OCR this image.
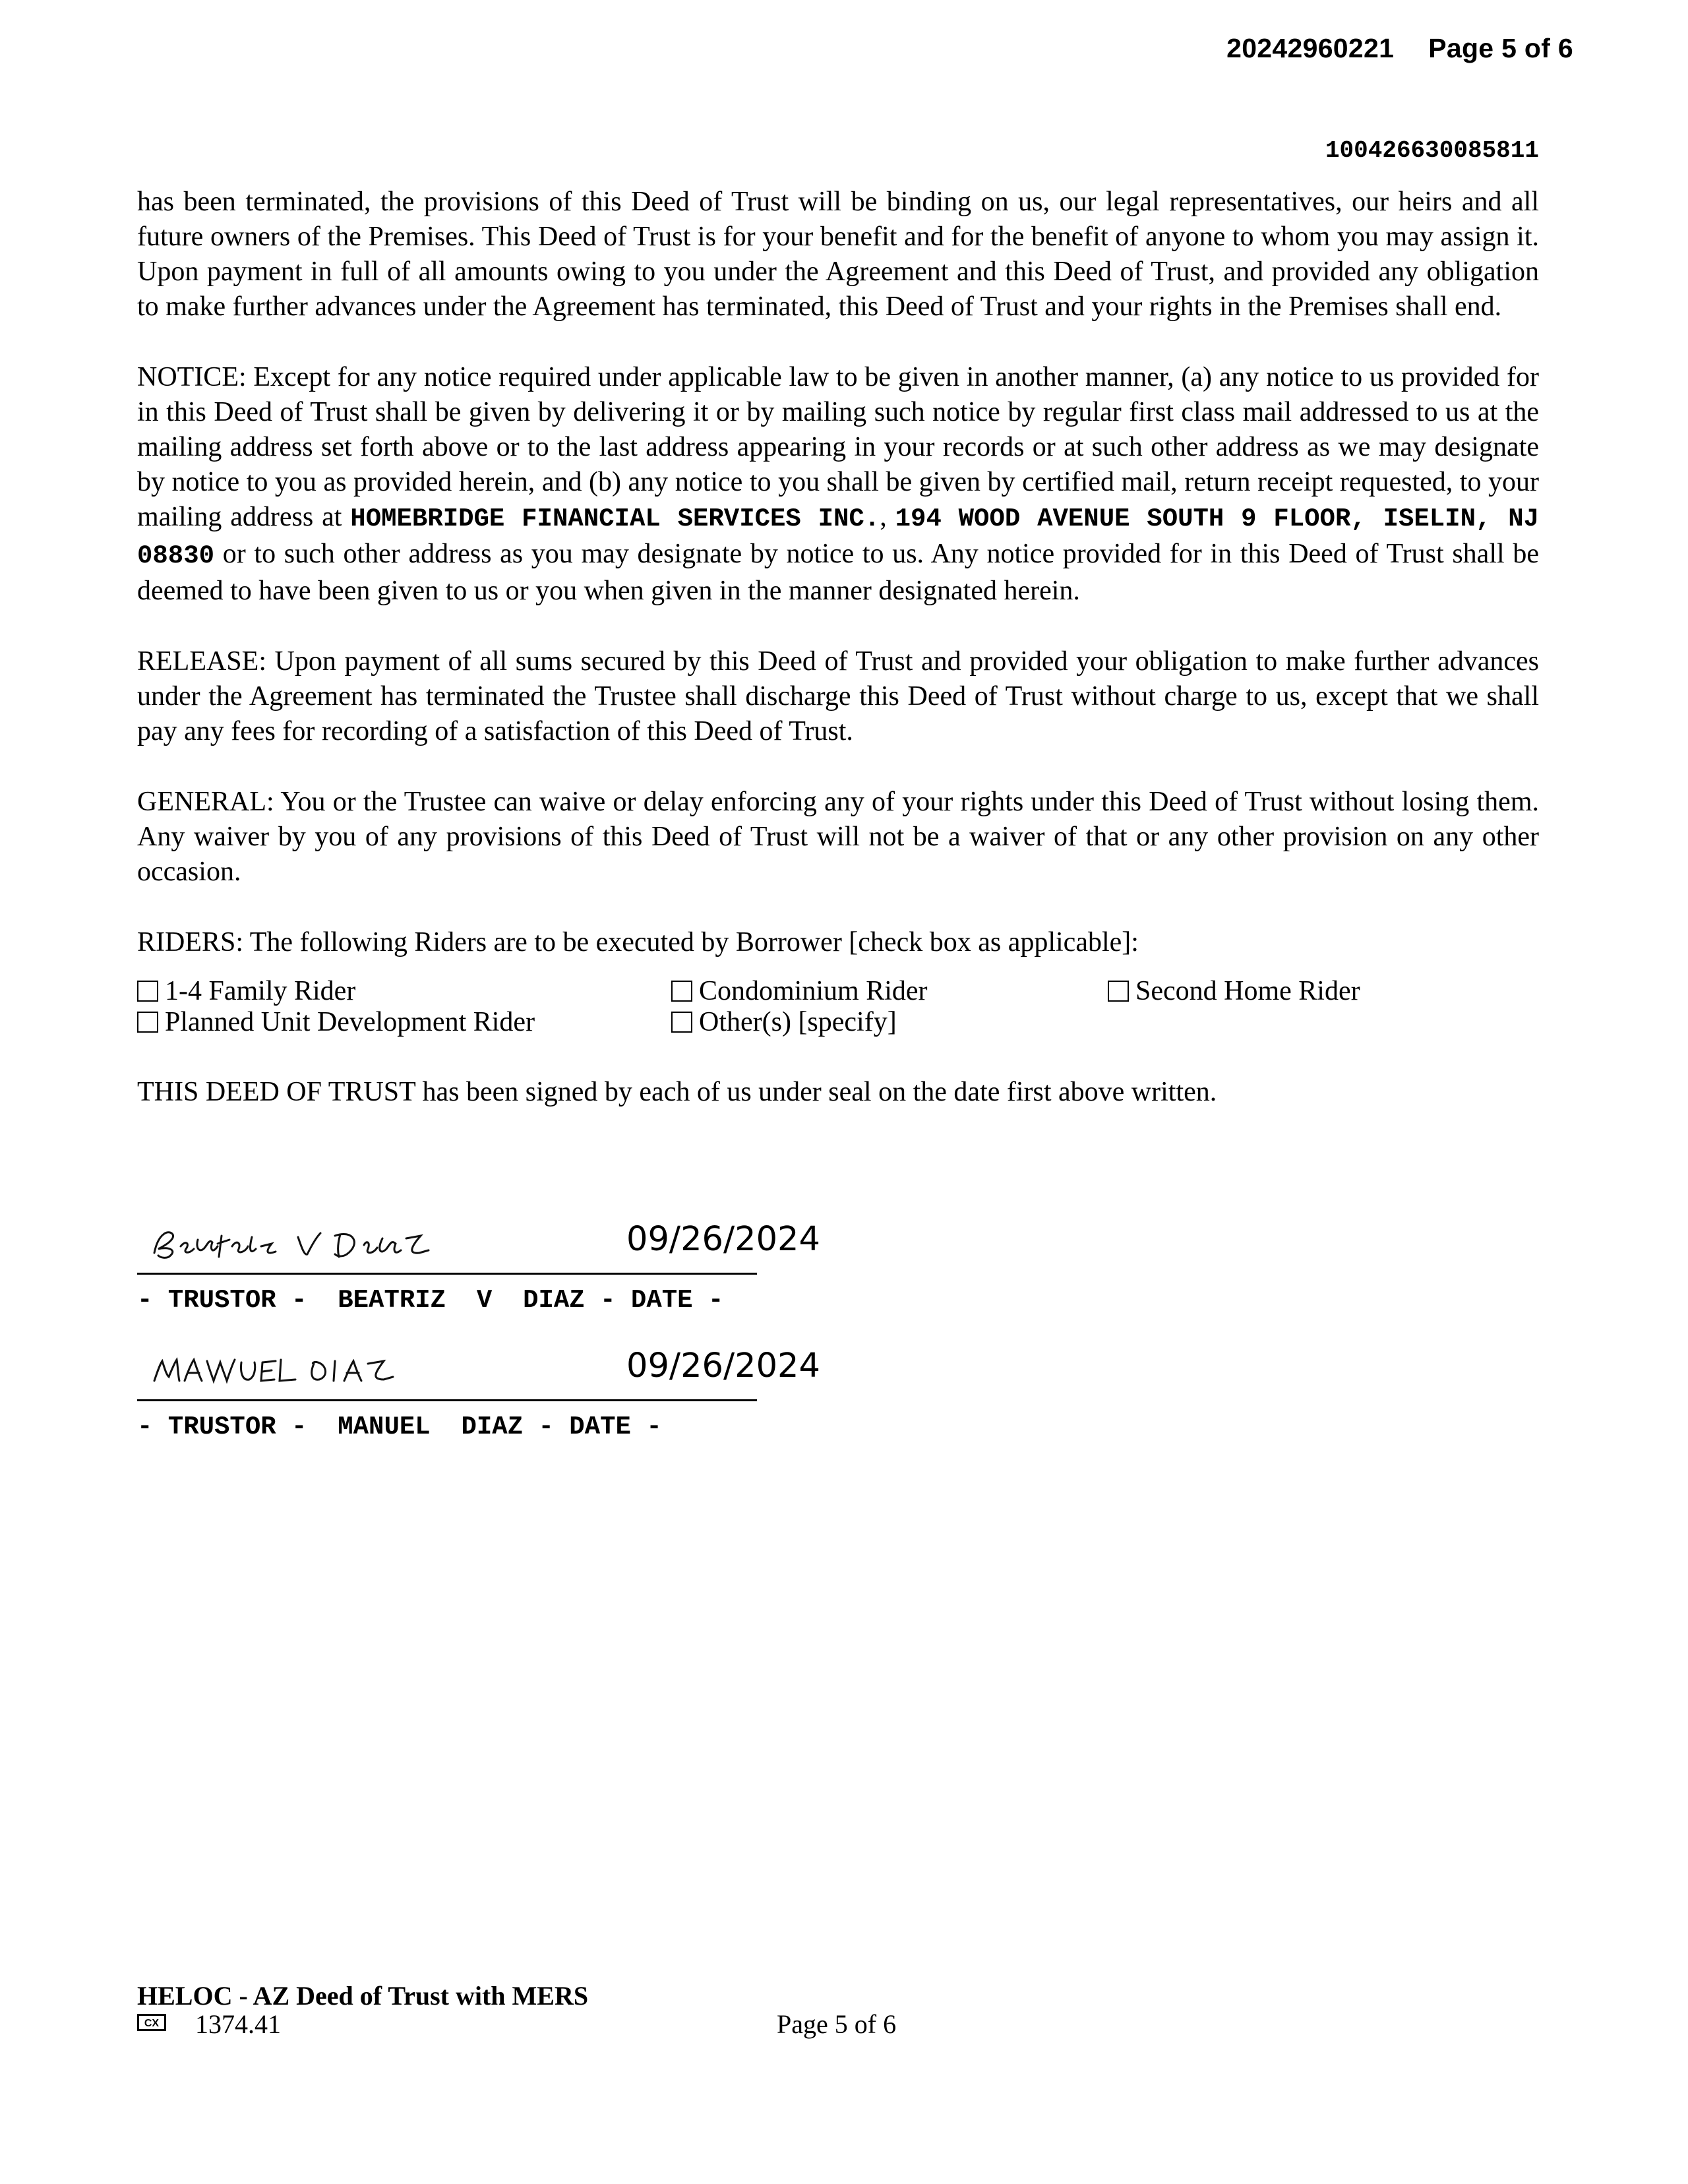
20242960221 Page 5 of 6
100426630085811

has been terminated, the provisions of this Deed of Trust will be binding on us, our legal representatives, our heirs and all future owners of the Premises. This Deed of Trust is for your benefit and for the benefit of anyone to whom you may assign it. Upon payment in full of all amounts owing to you under the Agreement and this Deed of Trust, and provided any obligation to make further advances under the Agreement has terminated, this Deed of Trust and your rights in the Premises shall end.

NOTICE: Except for any notice required under applicable law to be given in another manner, (a) any notice to us provided for in this Deed of Trust shall be given by delivering it or by mailing such notice by regular first class mail addressed to us at the mailing address set forth above or to the last address appearing in your records or at such other address as we may designate by notice to you as provided herein, and (b) any notice to you shall be given by certified mail, return receipt requested, to your mailing address at HOMEBRIDGE FINANCIAL SERVICES INC., 194 WOOD AVENUE SOUTH 9 FLOOR, ISELIN, NJ 08830 or to such other address as you may designate by notice to us. Any notice provided for in this Deed of Trust shall be deemed to have been given to us or you when given in the manner designated herein.

RELEASE: Upon payment of all sums secured by this Deed of Trust and provided your obligation to make further advances under the Agreement has terminated the Trustee shall discharge this Deed of Trust without charge to us, except that we shall pay any fees for recording of a satisfaction of this Deed of Trust.

GENERAL: You or the Trustee can waive or delay enforcing any of your rights under this Deed of Trust without losing them. Any waiver by you of any provisions of this Deed of Trust will not be a waiver of that or any other provision on any other occasion.

RIDERS: The following Riders are to be executed by Borrower [check box as applicable]:

1-4 Family Rider	Condominium Rider	Second Home Rider
Planned Unit Development Rider	Other(s) [specify]

THIS DEED OF TRUST has been signed by each of us under seal on the date first above written.

09/26/2024
- TRUSTOR -  BEATRIZ  V  DIAZ - DATE -
09/26/2024
- TRUSTOR -  MANUEL  DIAZ - DATE -
HELOC - AZ Deed of Trust with MERS
CX 1374.41	Page 5 of 6
